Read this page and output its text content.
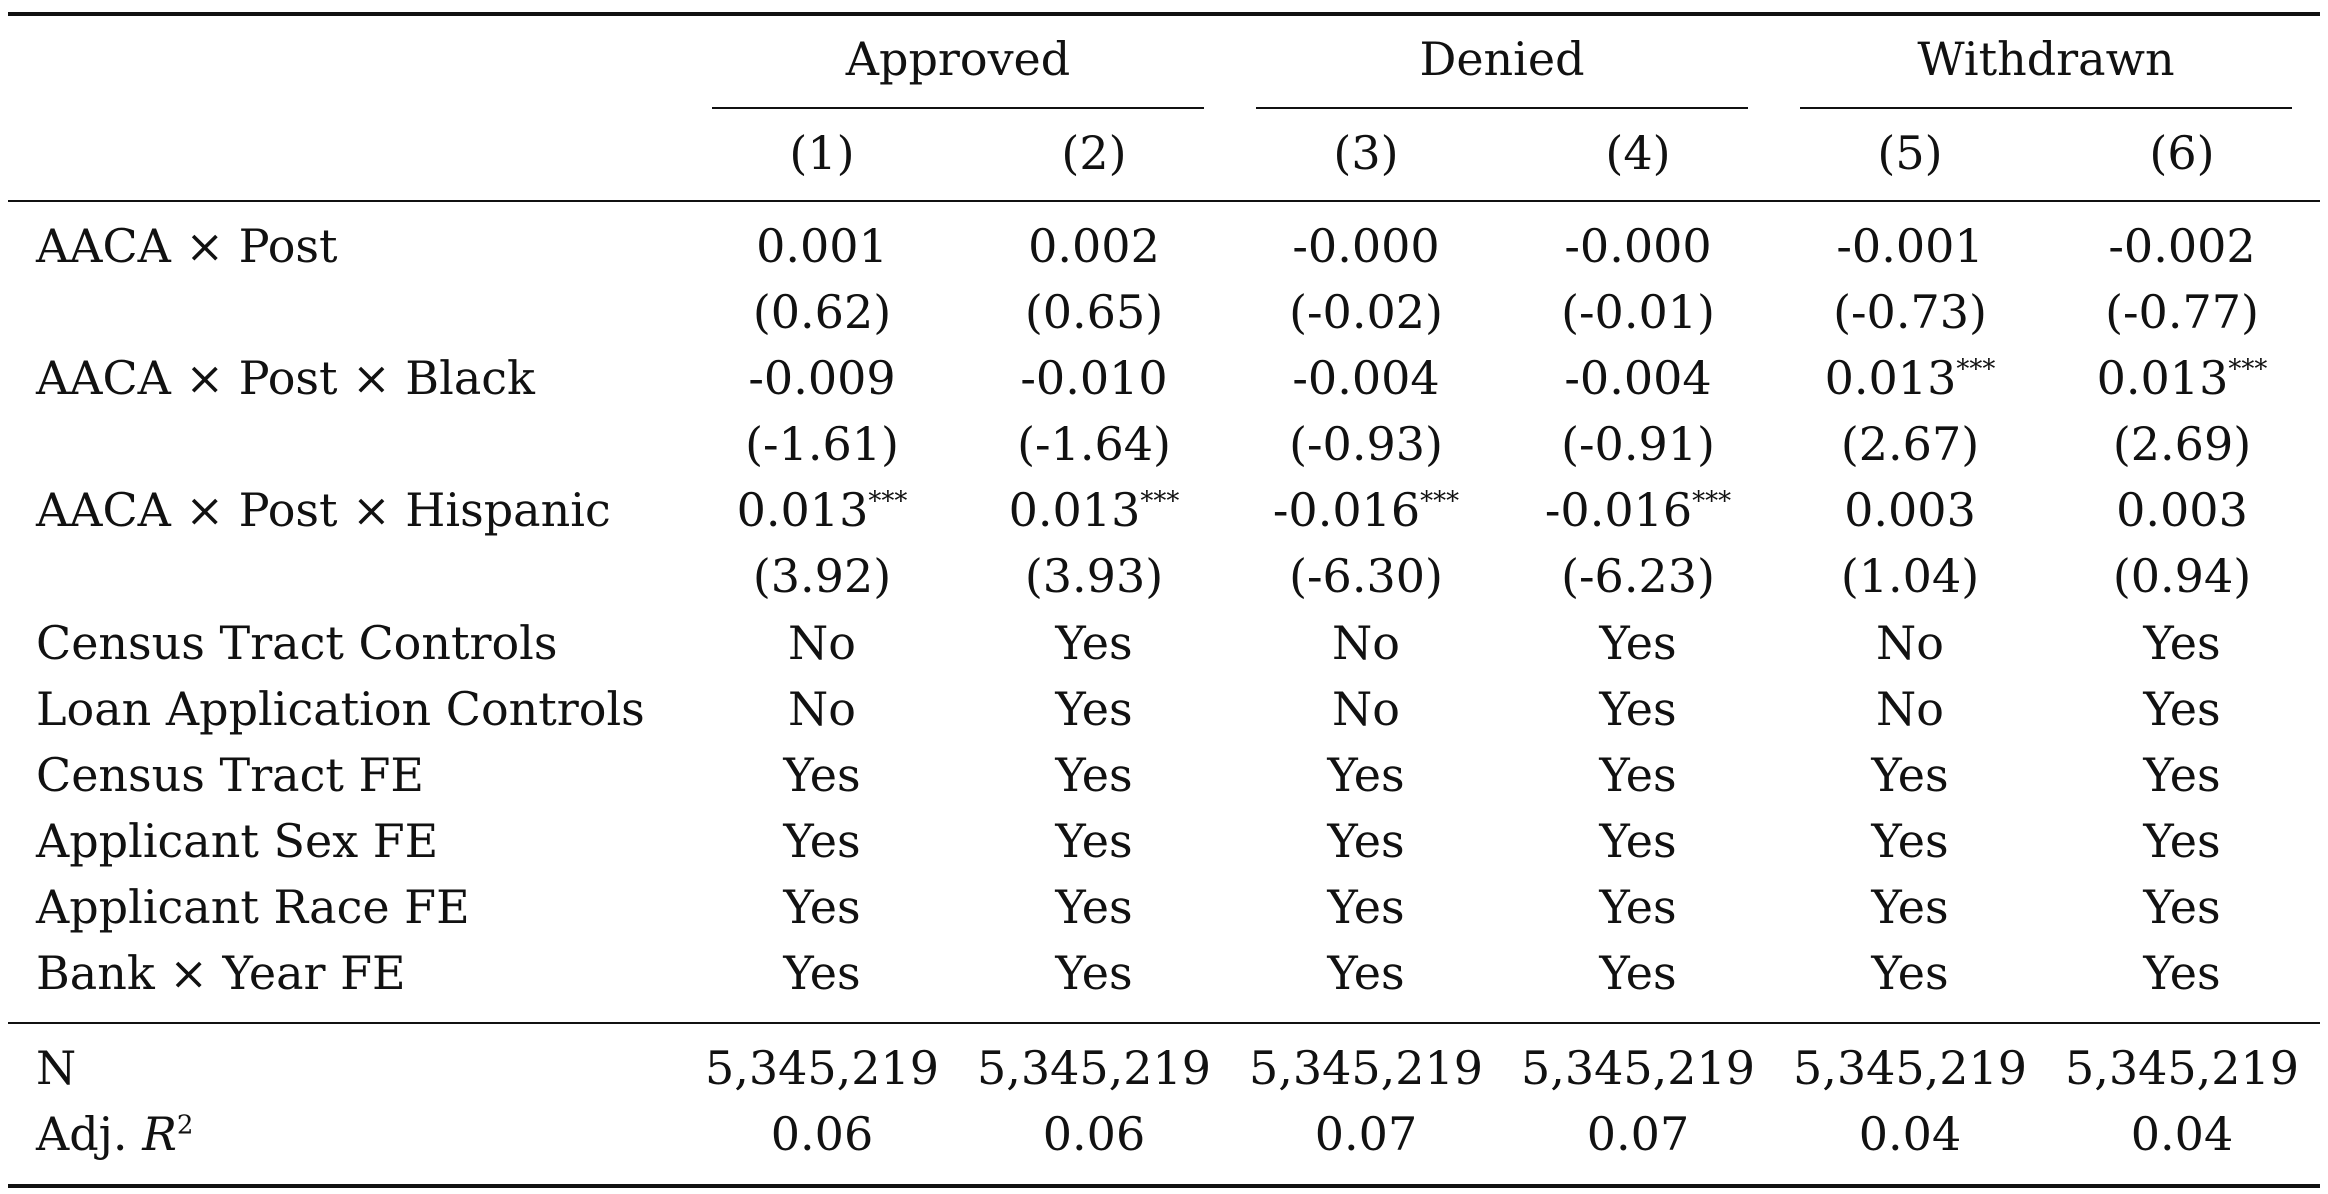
Approved	Denied	Withdrawn
(1)	(2)	(3)	(4)	(5)	(6)
AACA × Post	0.001	0.002	-0.000	-0.000	-0.001	-0.002
(0.62)	(0.65)	(-0.02)	(-0.01)	(-0.73)	(-0.77)
AACA × Post × Black	-0.009	-0.010	-0.004	-0.004 0.013*** 0.013***
(-1.61)	(-1.64)	(-0.93)	(-0.91)	(2.67)	(2.69)
AACA × Post × Hispanic	0.013*** 0.013*** -0.016*** -0.016*** 0.003	0.003
(3.92)	(3.93)	(-6.30)	(-6.23)	(1.04)	(0.94)
Census Tract Controls	No	Yes	No	Yes	No	Yes
Loan Application Controls	No	Yes	No	Yes	No	Yes
Census Tract FE	Yes	Yes	Yes	Yes	Yes	Yes
Applicant Sex FE	Yes	Yes	Yes	Yes	Yes	Yes
Applicant Race FE	Yes	Yes	Yes	Yes	Yes	Yes
Bank × Year FE	Yes	Yes	Yes	Yes	Yes	Yes
N	5,345,219 5,345,219 5,345,219 5,345,219 5,345,219 5,345,219
Adj. $R^2$	0.06	0.06	0.07	0.07	0.04	0.04
